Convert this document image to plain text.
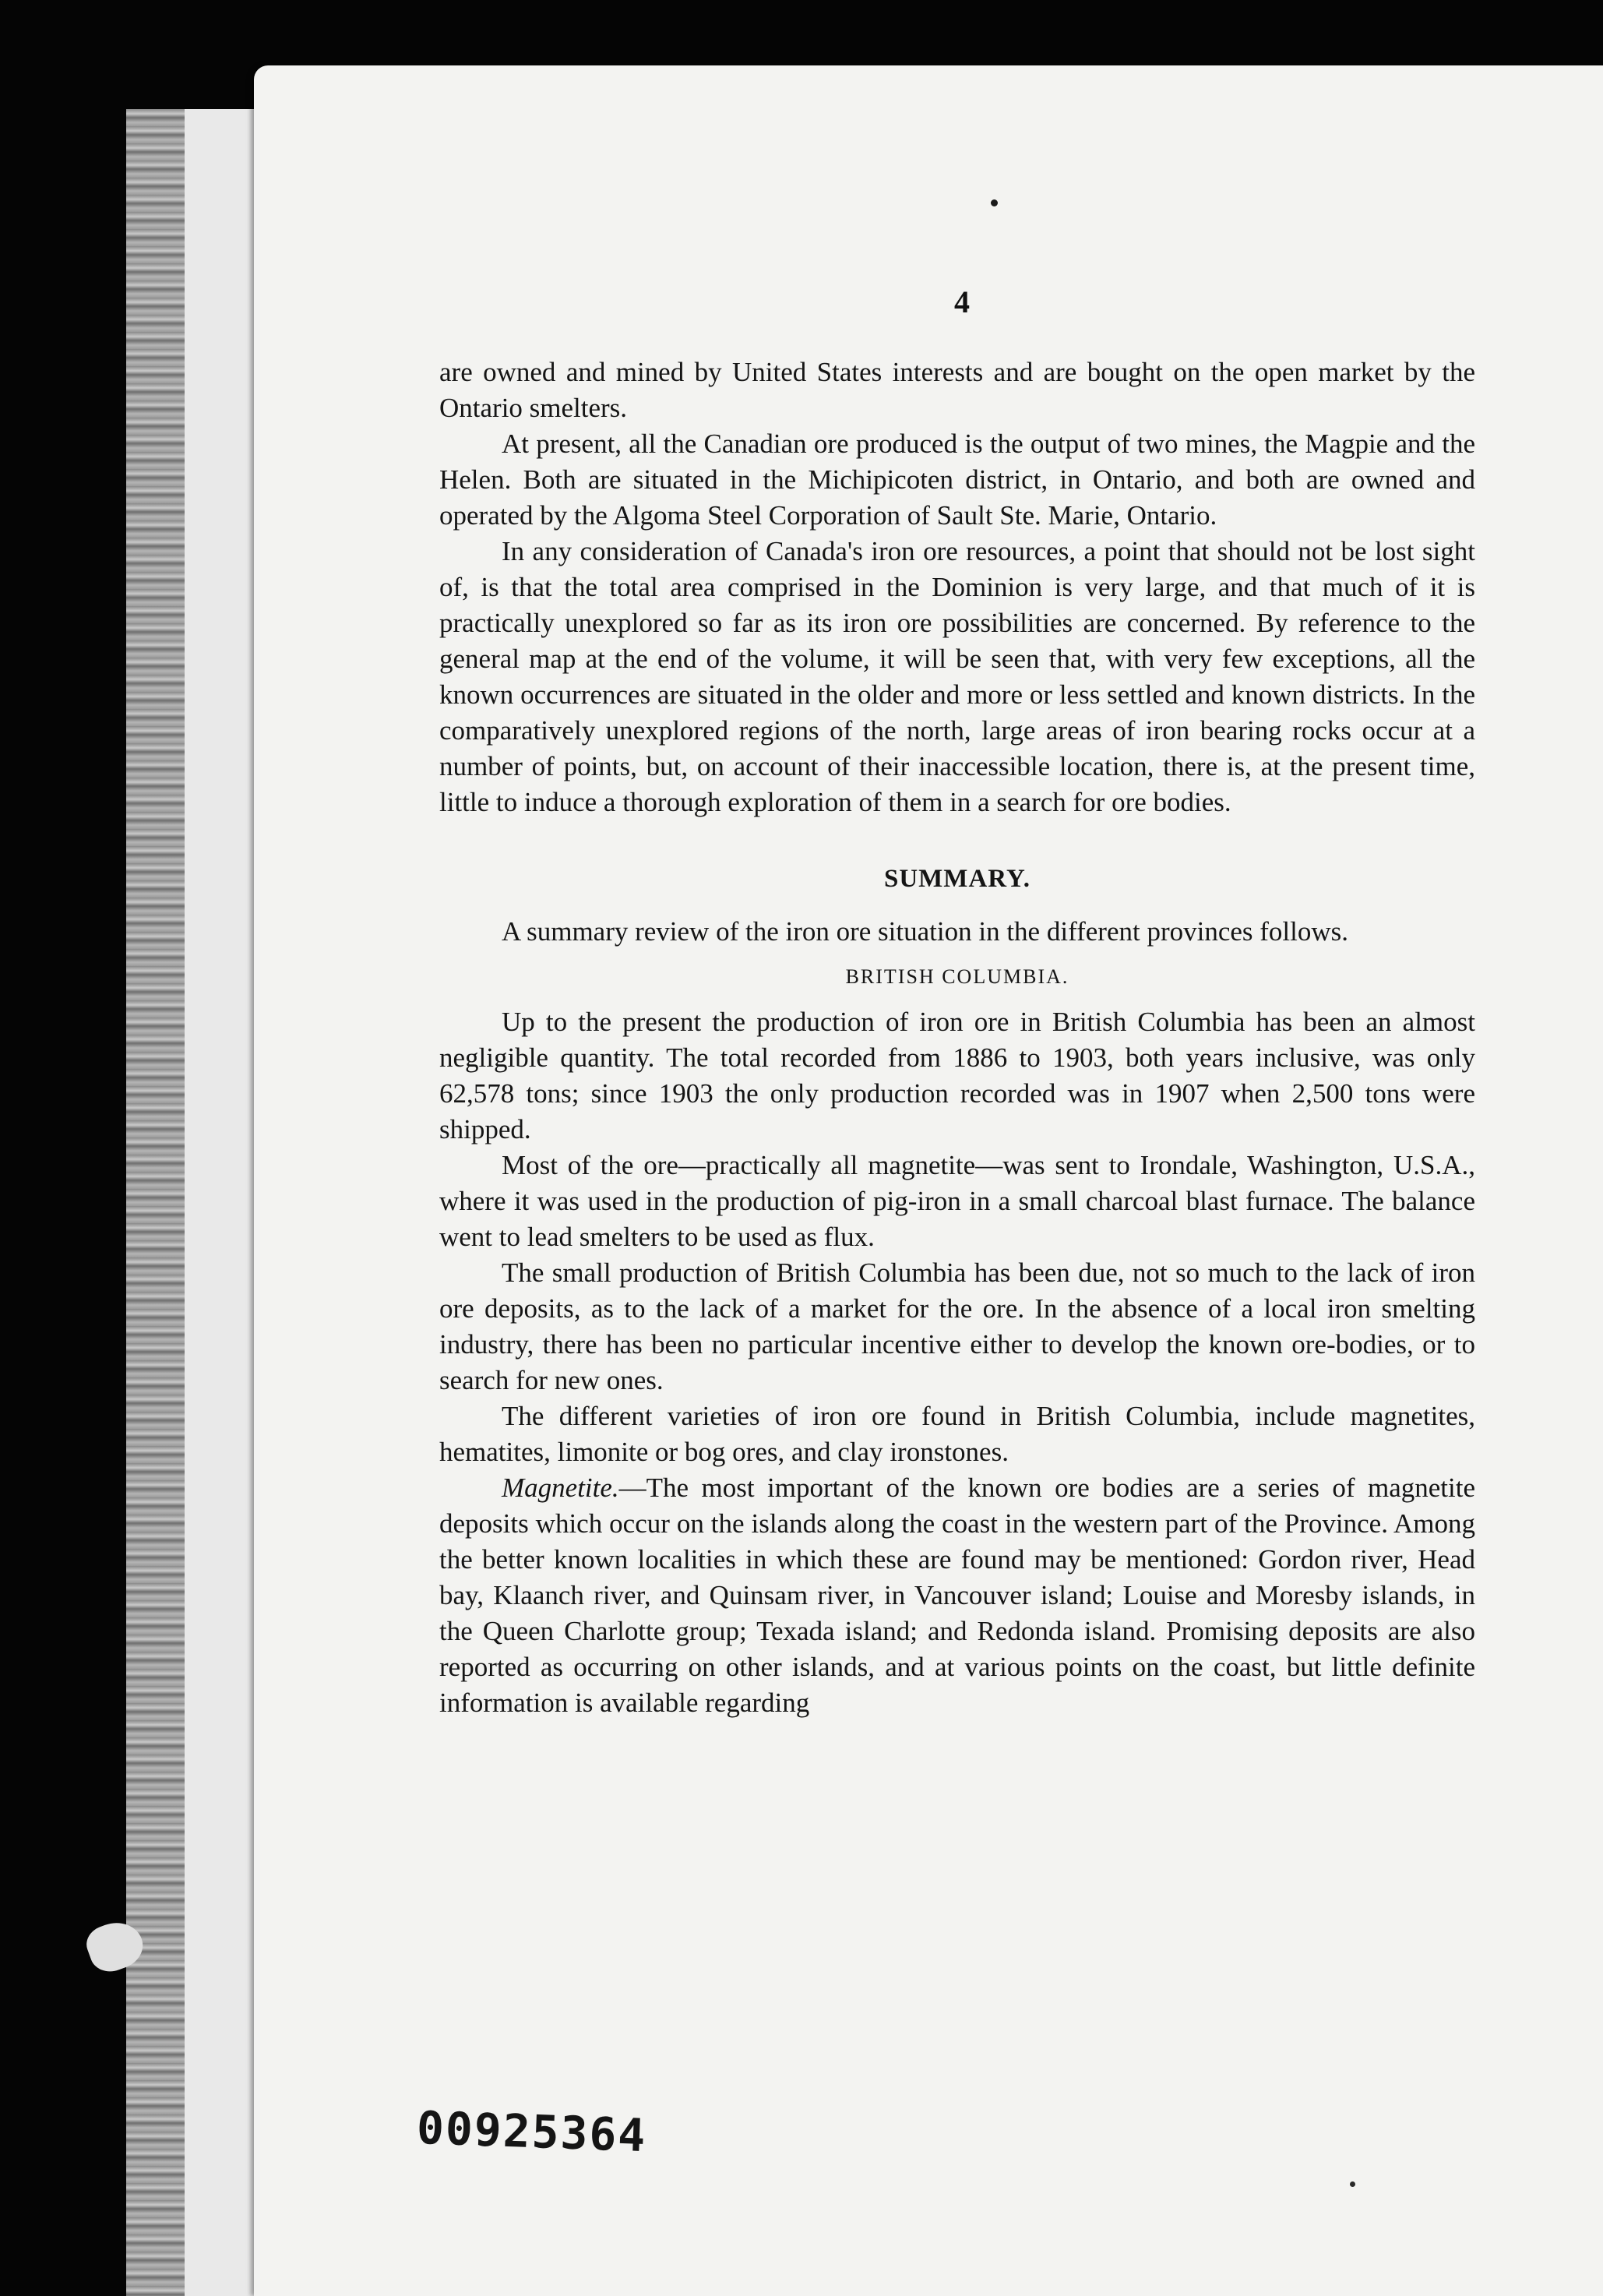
4

are owned and mined by United States interests and are bought on the open market by the Ontario smelters.

At present, all the Canadian ore produced is the output of two mines, the Magpie and the Helen. Both are situated in the Michipicoten district, in Ontario, and both are owned and operated by the Algoma Steel Corporation of Sault Ste. Marie, Ontario.

In any consideration of Canada's iron ore resources, a point that should not be lost sight of, is that the total area comprised in the Dominion is very large, and that much of it is practically unexplored so far as its iron ore possibilities are concerned. By reference to the general map at the end of the volume, it will be seen that, with very few exceptions, all the known occurrences are situated in the older and more or less settled and known districts. In the comparatively unexplored regions of the north, large areas of iron bearing rocks occur at a number of points, but, on account of their inaccessible location, there is, at the present time, little to induce a thorough exploration of them in a search for ore bodies.

SUMMARY.

A summary review of the iron ore situation in the different provinces follows.

BRITISH COLUMBIA.

Up to the present the production of iron ore in British Columbia has been an almost negligible quantity. The total recorded from 1886 to 1903, both years inclusive, was only 62,578 tons; since 1903 the only production recorded was in 1907 when 2,500 tons were shipped.

Most of the ore—practically all magnetite—was sent to Irondale, Washington, U.S.A., where it was used in the production of pig-iron in a small charcoal blast furnace. The balance went to lead smelters to be used as flux.

The small production of British Columbia has been due, not so much to the lack of iron ore deposits, as to the lack of a market for the ore. In the absence of a local iron smelting industry, there has been no particular incentive either to develop the known ore-bodies, or to search for new ones.

The different varieties of iron ore found in British Columbia, include magnetites, hematites, limonite or bog ores, and clay ironstones.

Magnetite.—The most important of the known ore bodies are a series of magnetite deposits which occur on the islands along the coast in the western part of the Province. Among the better known localities in which these are found may be mentioned: Gordon river, Head bay, Klaanch river, and Quinsam river, in Vancouver island; Louise and Moresby islands, in the Queen Charlotte group; Texada island; and Redonda island. Promising deposits are also reported as occurring on other islands, and at various points on the coast, but little definite information is available regarding

00925364
